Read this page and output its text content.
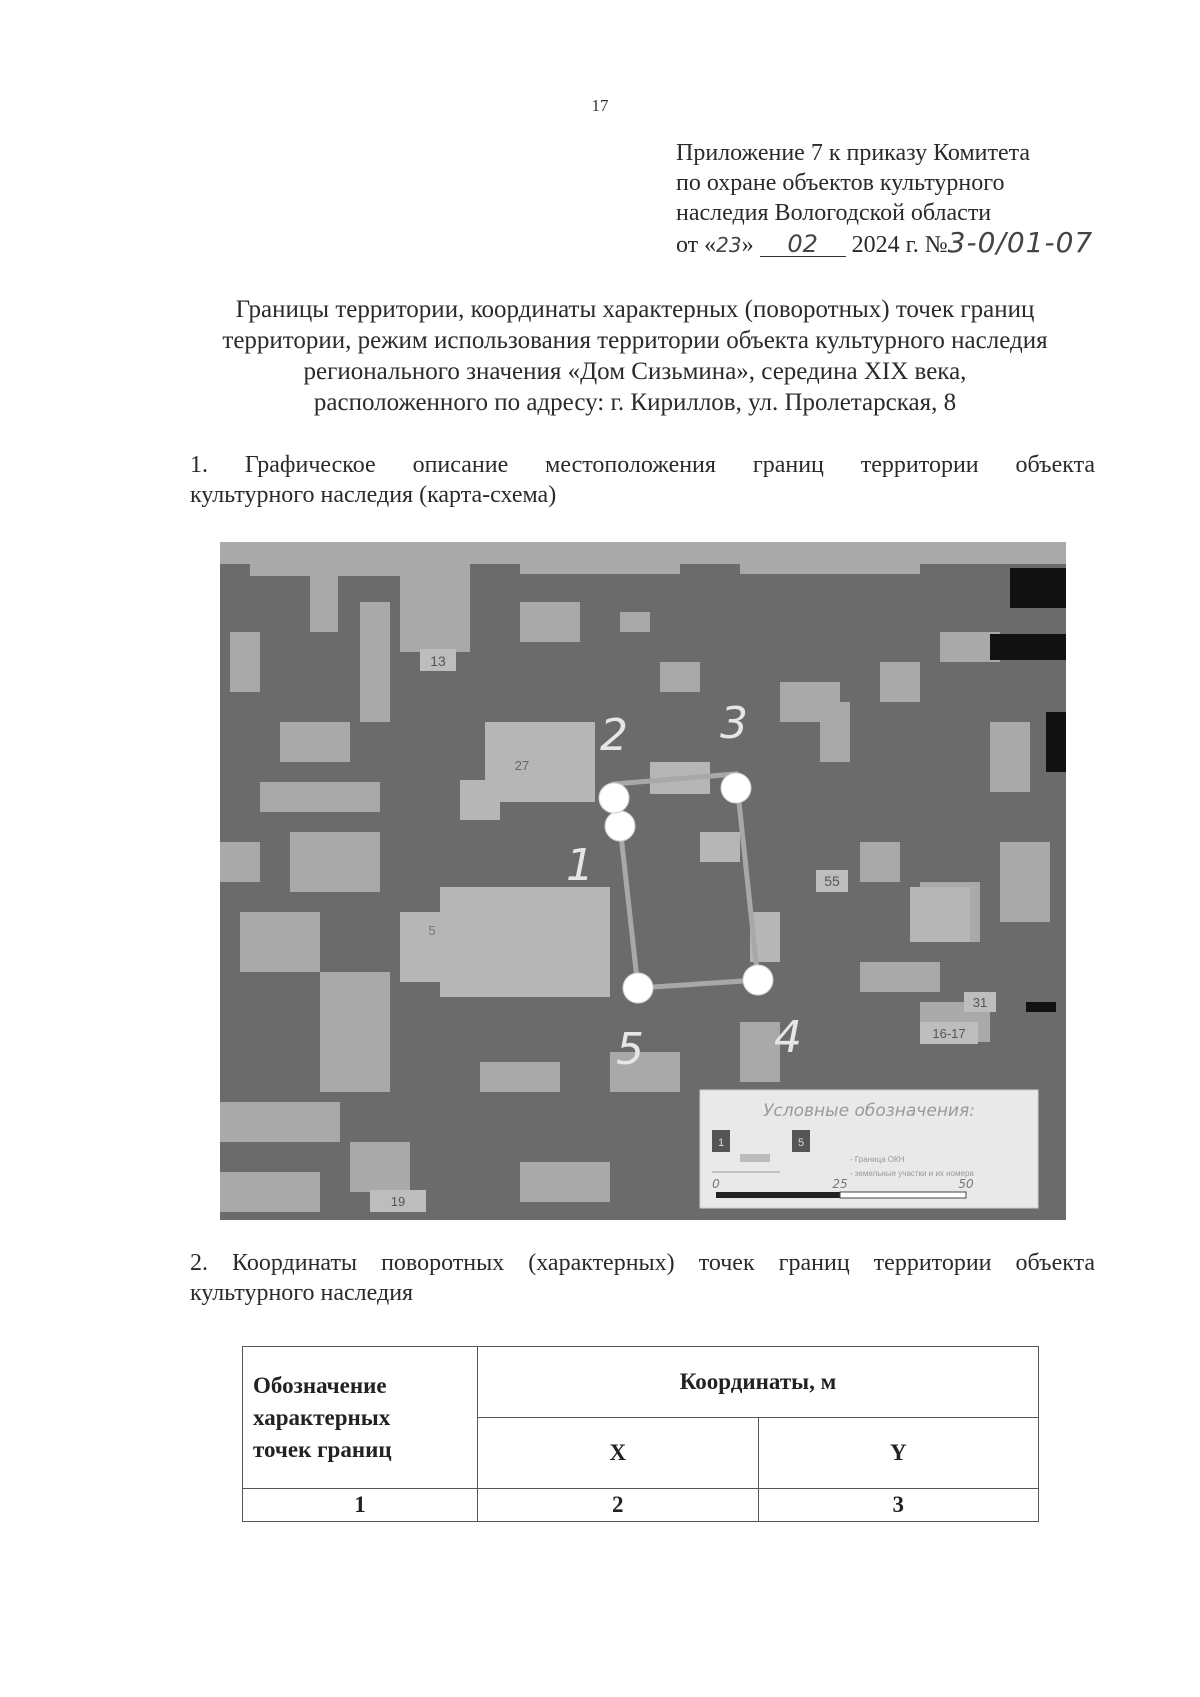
17
Приложение 7 к приказу Комитета
по охране объектов культурного
наследия Вологодской области
от «23» 02 2024 г. №3-0/01-07
Границы территории, координаты характерных (поворотных) точек границ
территории, режим использования территории объекта культурного наследия
регионального значения «Дом Сизьмина», середина XIX века,
расположенного по адресу: г. Кириллов, ул. Пролетарская, 8
1. Графическое описание местоположения границ территории объекта
культурного наследия (карта-схема)
13
27
55
31
16-17
19
5
1
2 3
4
5
Условные обозначения:
1	5
- Граница ОКН
- земельные участки и их номера
0	25	50
2. Координаты поворотных (характерных) точек границ территории объекта
культурного наследия
Обозначение
характерных
точек границ	Координаты, м	
	X	Y
1	2	3
